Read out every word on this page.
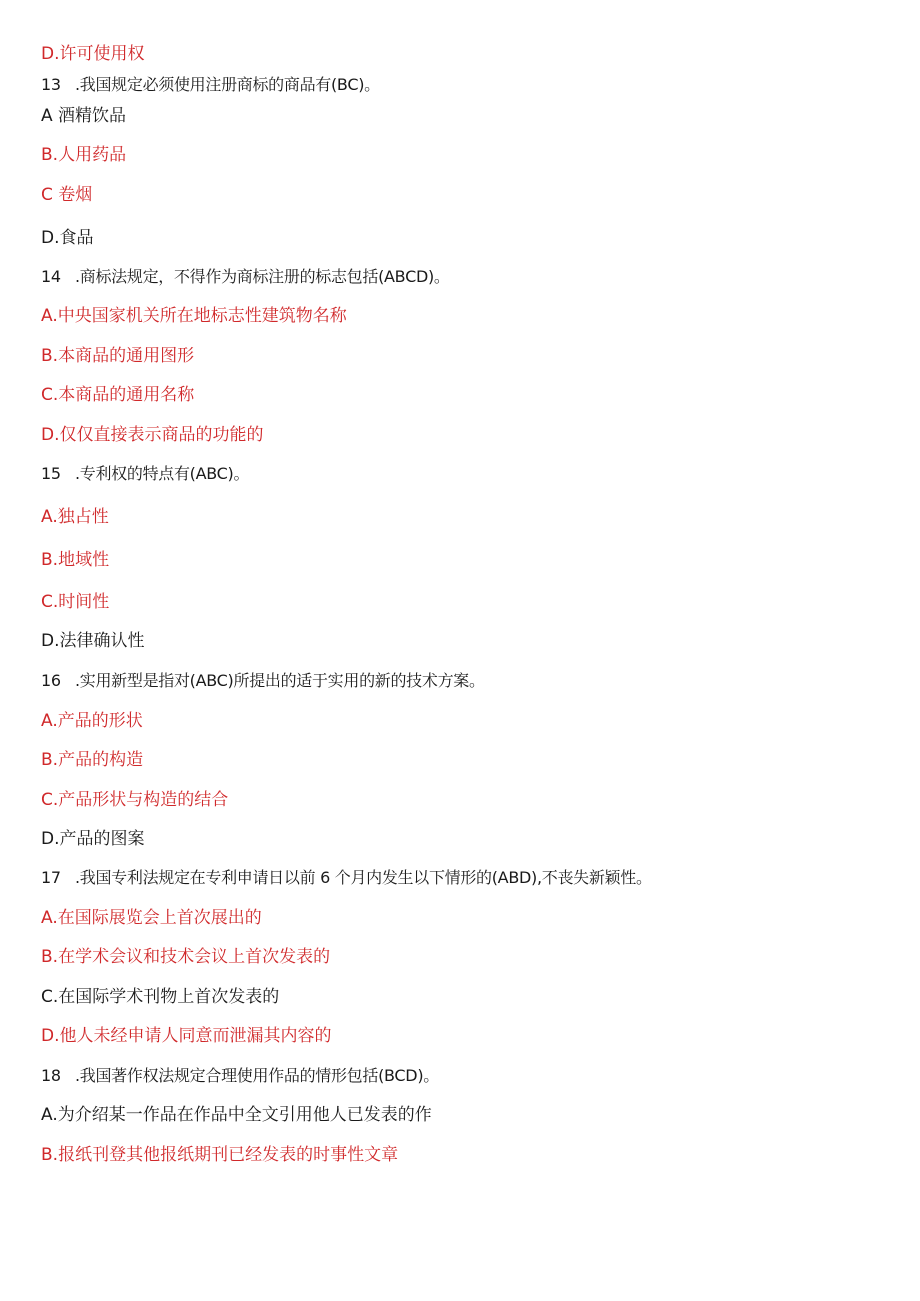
D.许可使用权
13 .我国规定必须使用注册商标的商品有(BC)。
A 酒精饮品
B.人用药品
C 卷烟
D.食品
14 .商标法规定，不得作为商标注册的标志包括(ABCD)。
A.中央国家机关所在地标志性建筑物名称
B.本商品的通用图形
C.本商品的通用名称
D.仅仅直接表示商品的功能的
15 .专利权的特点有(ABC)。
A.独占性
B.地域性
C.时间性
D.法律确认性
16 .实用新型是指对(ABC)所提出的适于实用的新的技术方案。
A.产品的形状
B.产品的构造
C.产品形状与构造的结合
D.产品的图案
17 .我国专利法规定在专利申请日以前 6 个月内发生以下情形的(ABD),不丧失新颖性。
A.在国际展览会上首次展出的
B.在学术会议和技术会议上首次发表的
C.在国际学术刊物上首次发表的
D.他人未经申请人同意而泄漏其内容的
18 .我国著作权法规定合理使用作品的情形包括(BCD)。
A.为介绍某一作品在作品中全文引用他人已发表的作
B.报纸刊登其他报纸期刊已经发表的时事性文章
